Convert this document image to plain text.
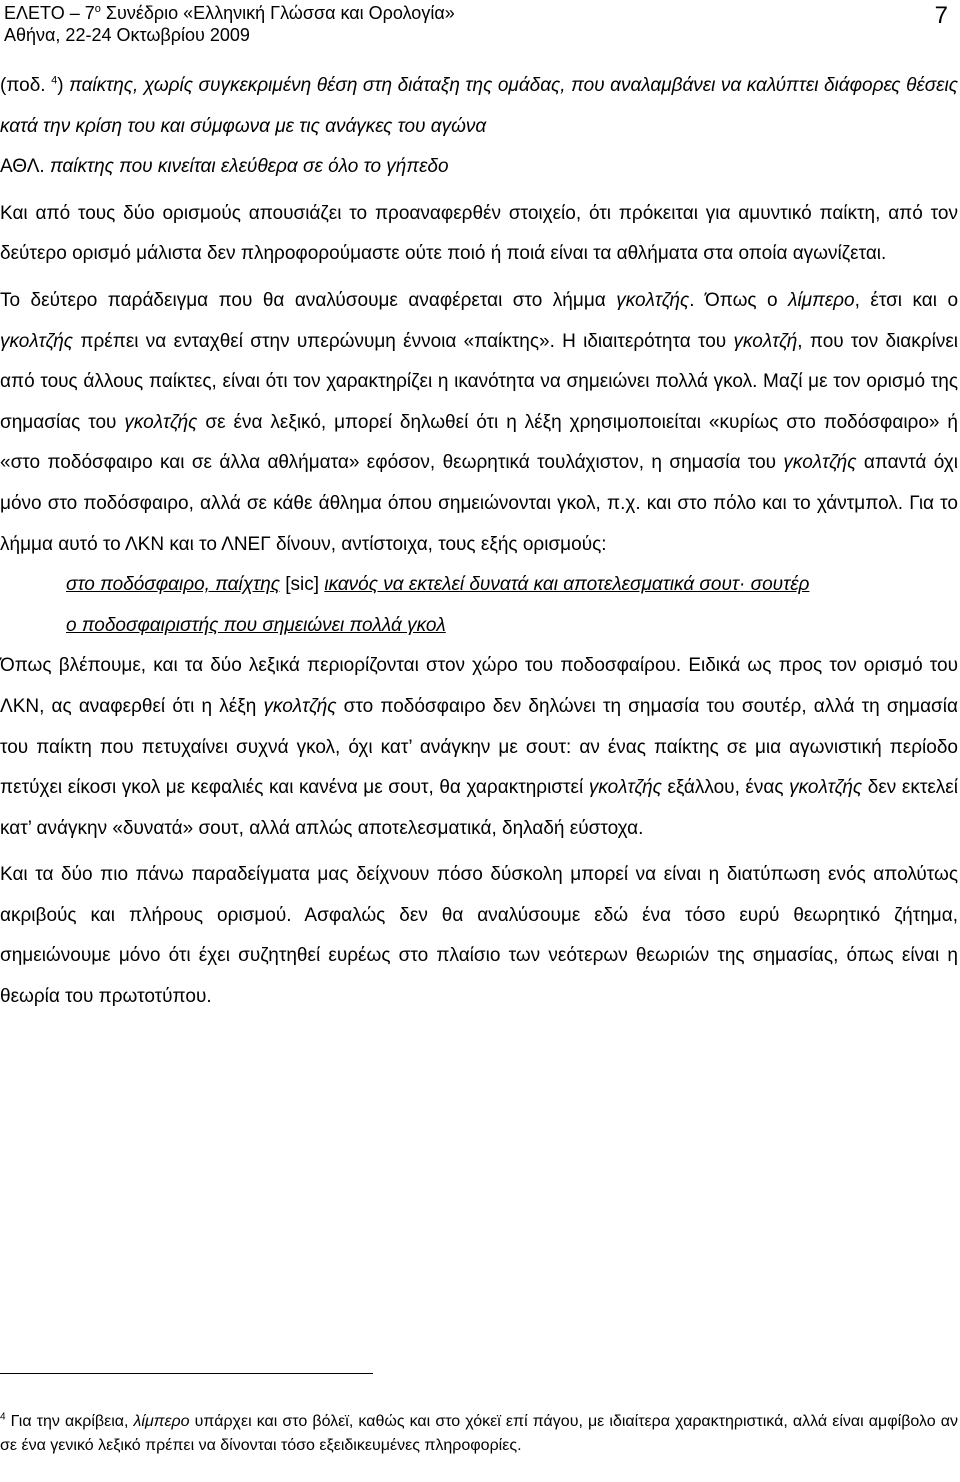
ΕΛΕΤΟ – $7^o$ Συνέδριο «Ελληνική Γλώσσα και Ορολογία»
Αθήνα, 22-24 Οκτωβρίου 2009
7

(ποδ. $^4$) παίκτης, χωρίς συγκεκριμένη θέση στη διάταξη της ομάδας, που αναλαμβάνει να καλύπτει διάφορες θέσεις κατά την κρίση του και σύμφωνα με τις ανάγκες του αγώνα

ΑΘΛ. παίκτης που κινείται ελεύθερα σε όλο το γήπεδο

Και από τους δύο ορισμούς απουσιάζει το προαναφερθέν στοιχείο, ότι πρόκειται για αμυντικό παίκτη, από τον δεύτερο ορισμό μάλιστα δεν πληροφορούμαστε ούτε ποιό ή ποιά είναι τα αθλήματα στα οποία αγωνίζεται.

Το δεύτερο παράδειγμα που θα αναλύσουμε αναφέρεται στο λήμμα γκολτζής. Όπως ο λίμπερο, έτσι και ο γκολτζής πρέπει να ενταχθεί στην υπερώνυμη έννοια «παίκτης». Η ιδιαιτερότητα του γκολτζή, που τον διακρίνει από τους άλλους παίκτες, είναι ότι τον χαρακτηρίζει η ικανότητα να σημειώνει πολλά γκολ. Μαζί με τον ορισμό της σημασίας του γκολτζής σε ένα λεξικό, μπορεί δηλωθεί ότι η λέξη χρησιμοποιείται «κυρίως στο ποδόσφαιρο» ή «στο ποδόσφαιρο και σε άλλα αθλήματα» εφόσον, θεωρητικά τουλάχιστον, η σημασία του γκολτζής απαντά όχι μόνο στο ποδόσφαιρο, αλλά σε κάθε άθλημα όπου σημειώνονται γκολ, π.χ. και στο πόλο και το χάντμπολ. Για το λήμμα αυτό το ΛΚΝ και το ΛΝΕΓ δίνουν, αντίστοιχα, τους εξής ορισμούς:

στο ποδόσφαιρο, παίχτης [sic] ικανός να εκτελεί δυνατά και αποτελεσματικά σουτ· σουτέρ

ο ποδοσφαιριστής που σημειώνει πολλά γκολ

Όπως βλέπουμε, και τα δύο λεξικά περιορίζονται στον χώρο του ποδοσφαίρου. Ειδικά ως προς τον ορισμό του ΛΚΝ, ας αναφερθεί ότι η λέξη γκολτζής στο ποδόσφαιρο δεν δηλώνει τη σημασία του σουτέρ, αλλά τη σημασία του παίκτη που πετυχαίνει συχνά γκολ, όχι κατ’ ανάγκην με σουτ: αν ένας παίκτης σε μια αγωνιστική περίοδο πετύχει είκοσι γκολ με κεφαλιές και κανένα με σουτ, θα χαρακτηριστεί γκολτζής εξάλλου, ένας γκολτζής δεν εκτελεί κατ’ ανάγκην «δυνατά» σουτ, αλλά απλώς αποτελεσματικά, δηλαδή εύστοχα.

Και τα δύο πιο πάνω παραδείγματα μας δείχνουν πόσο δύσκολη μπορεί να είναι η διατύπωση ενός απολύτως ακριβούς και πλήρους ορισμού. Ασφαλώς δεν θα αναλύσουμε εδώ ένα τόσο ευρύ θεωρητικό ζήτημα, σημειώνουμε μόνο ότι έχει συζητηθεί ευρέως στο πλαίσιο των νεότερων θεωριών της σημασίας, όπως είναι η θεωρία του πρωτοτύπου.

$^4$ Για την ακρίβεια, λίμπερο υπάρχει και στο βόλεϊ, καθώς και στο χόκεϊ επί πάγου, με ιδιαίτερα χαρακτηριστικά, αλλά είναι αμφίβολο αν σε ένα γενικό λεξικό πρέπει να δίνονται τόσο εξειδικευμένες πληροφορίες.
